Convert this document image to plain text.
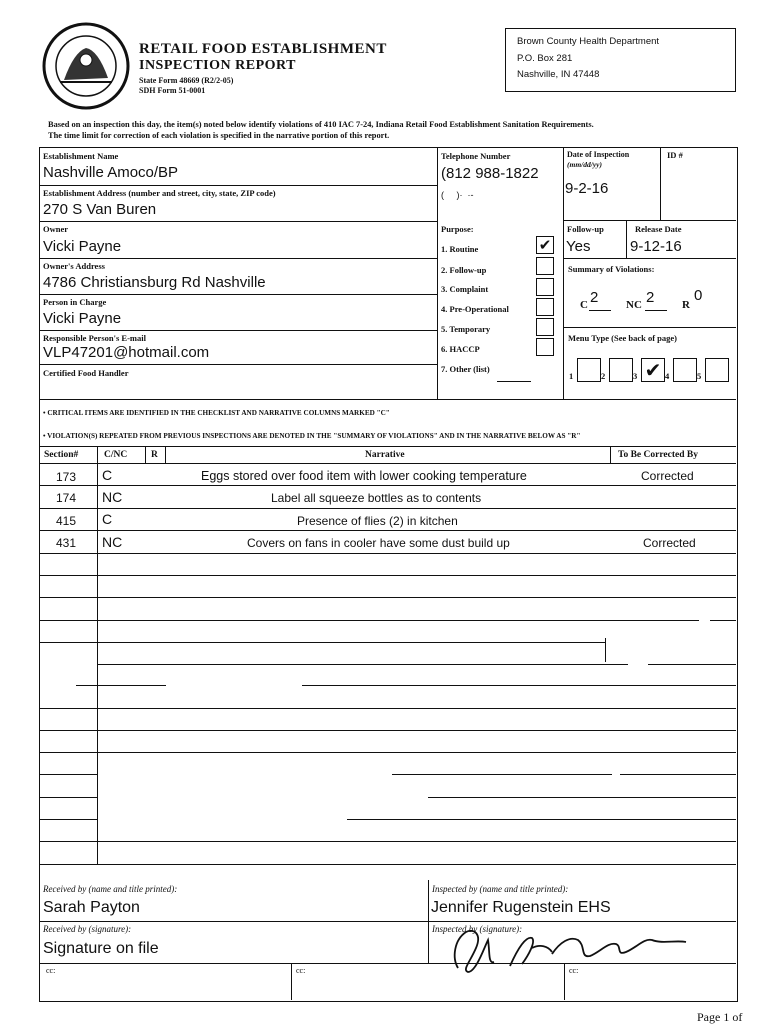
RETAIL FOOD ESTABLISHMENT
INSPECTION REPORT
State Form 48669 (R2/2-05)
SDH Form 51-0001
Brown County Health Department
P.O. Box 281
Nashville, IN 47448
Based on an inspection this day, the item(s) noted below identify violations of 410 IAC 7-24, Indiana Retail Food Establishment Sanitation Requirements.
The time limit for correction of each violation is specified in the narrative portion of this report.
Establishment Name
Nashville Amoco/BP
Establishment Address (number and street, city, state, ZIP code)
270 S Van Buren
Owner
Vicki Payne
Owner's Address
4786 Christiansburg Rd Nashville
Person in Charge
Vicki Payne
Responsible Person's E-mail
VLP47201@hotmail.com
Certified Food Handler
Telephone Number
(812 988-1822
(     )·  ·-
Date of Inspection
(mm/dd/yy)
9-2-16
ID #
Follow-up
Yes
Release Date
9-12-16
Purpose:
1. Routine	✔
2. Follow-up
3. Complaint
4. Pre-Operational
5. Temporary
6. HACCP
7. Other (list)
Summary of Violations:
C 2	NC 2	R
0
Menu Type (See back of page)
1	2	3 ✔ 4	5
• CRITICAL ITEMS ARE IDENTIFIED IN THE CHECKLIST AND NARRATIVE COLUMNS MARKED "C"
• VIOLATION(S) REPEATED FROM PREVIOUS INSPECTIONS ARE DENOTED IN THE "SUMMARY OF VIOLATIONS" AND IN THE NARRATIVE BELOW AS "R"
Section#	C/NC	R	Narrative	To Be Corrected By
173 C	Eggs stored over food item with lower cooking temperature	Corrected
174 NC	Label all squeeze bottles as to contents
415 C	Presence of flies (2) in kitchen
431 NC	Covers on fans in cooler have some dust build up	Corrected
Received by (name and title printed):
Sarah Payton
Received by (signature):
Signature on file
Inspected by (name and title printed):
Jennifer Rugenstein EHS
Inspected by (signature):
cc:	cc:	cc:
Page 1 of
